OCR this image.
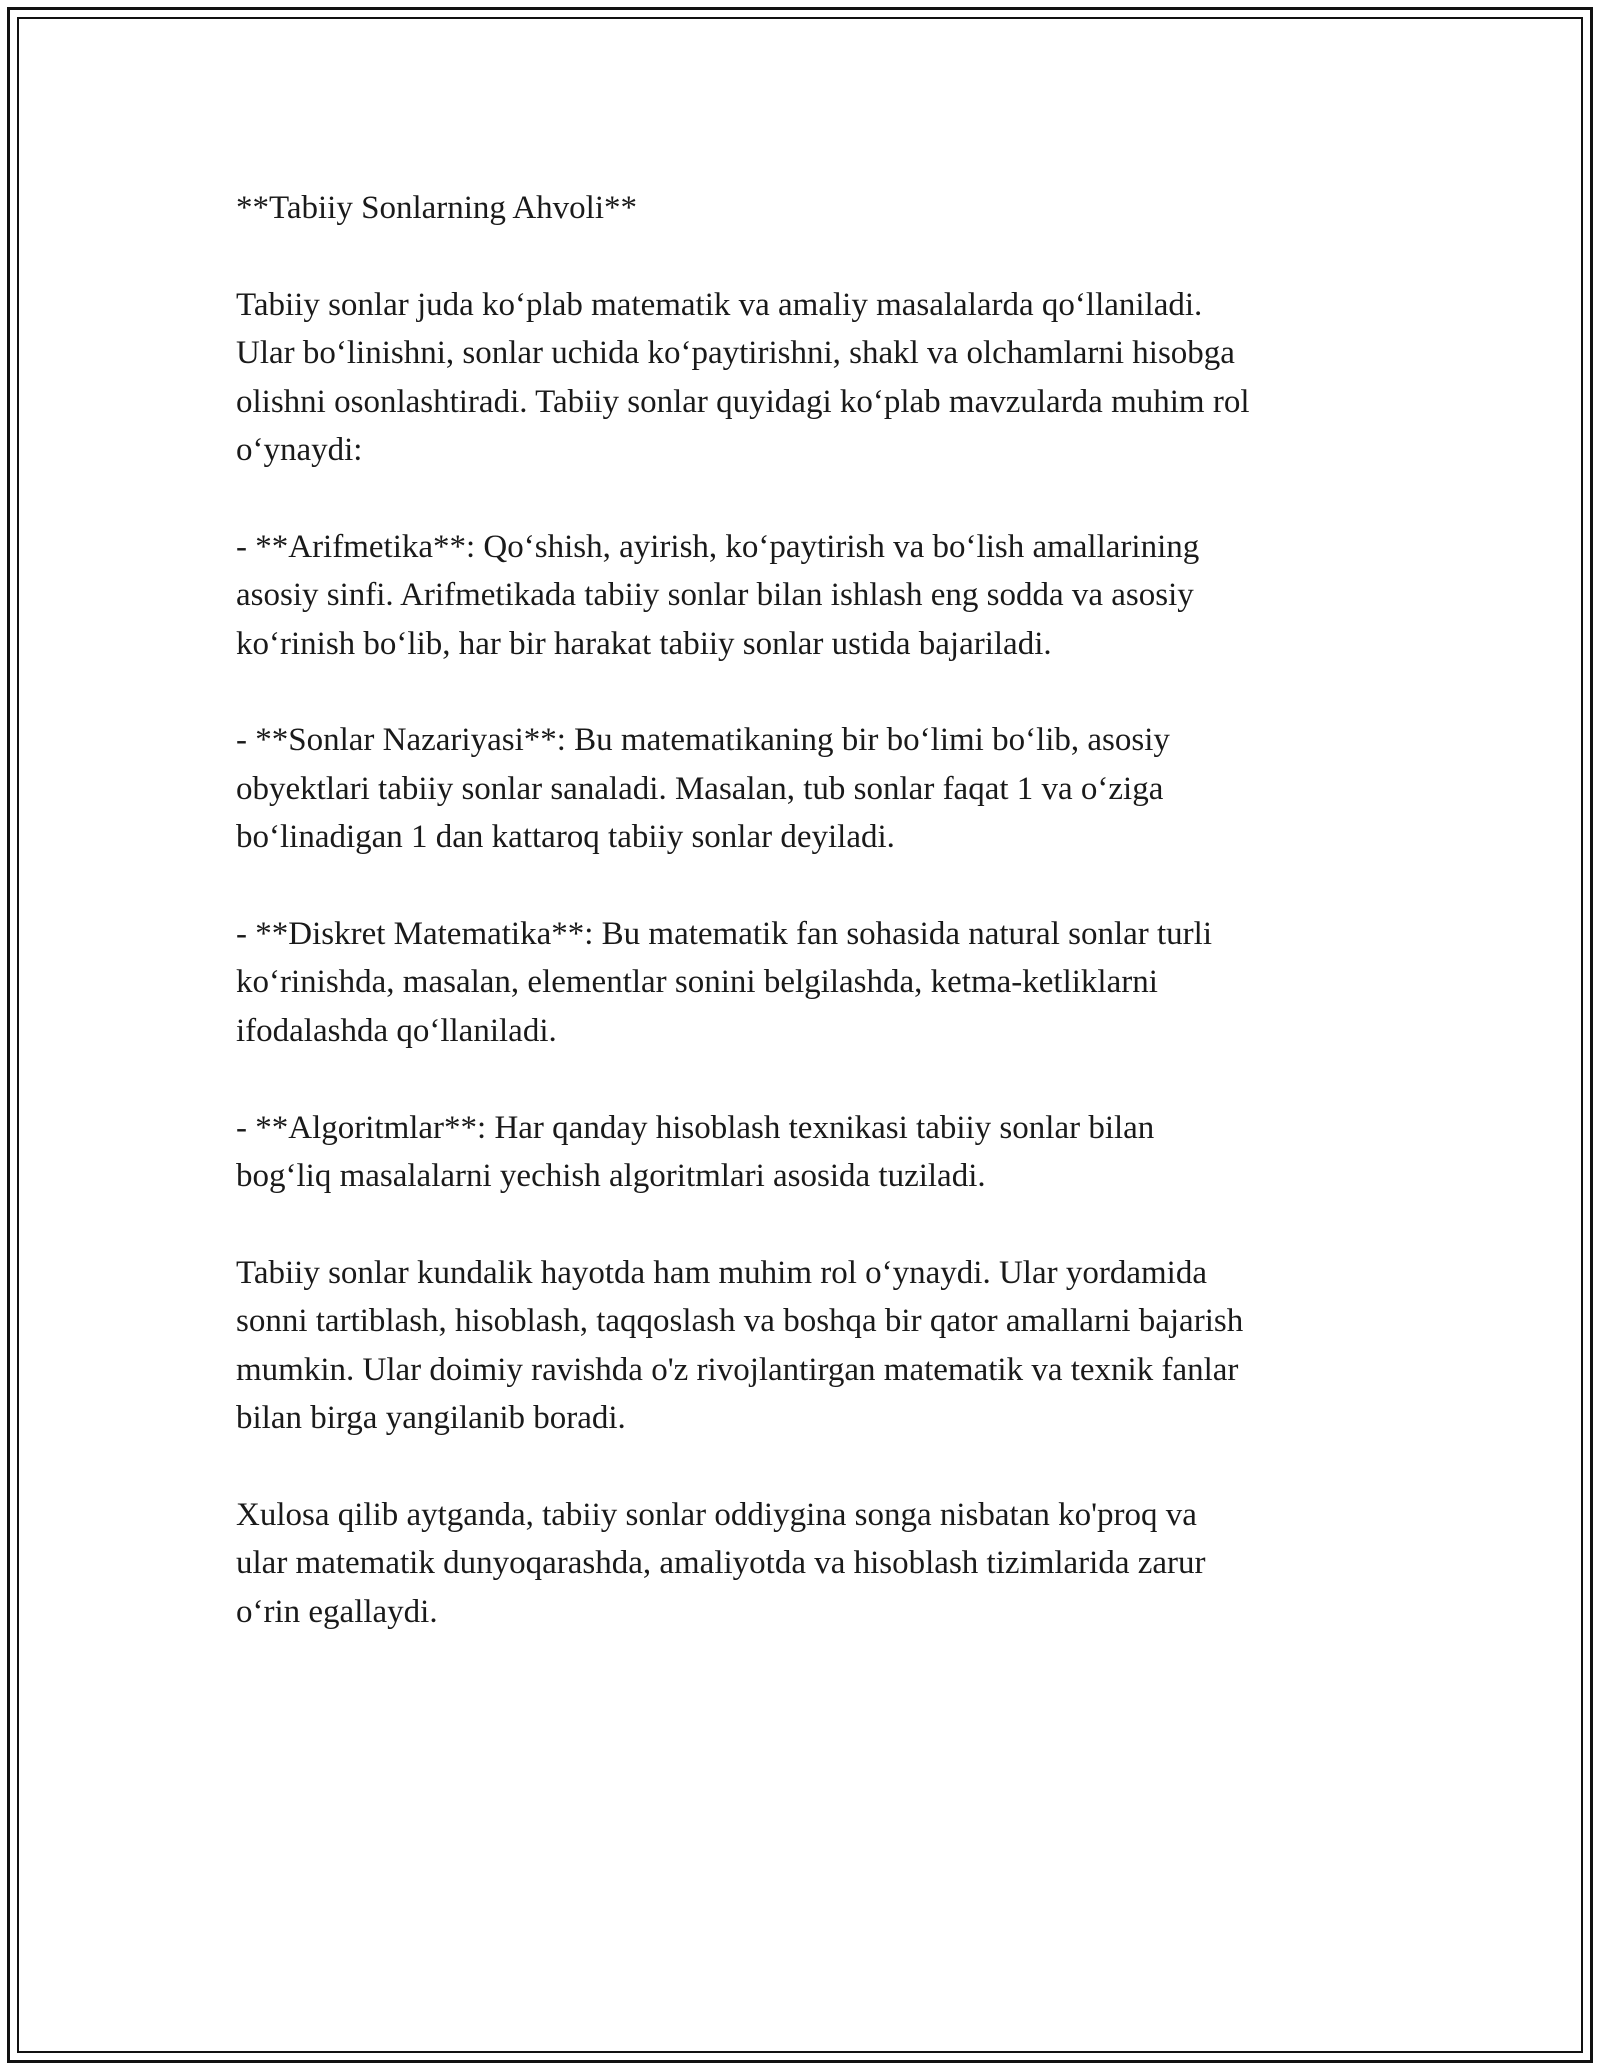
**Tabiiy Sonlarning Ahvoli**

Tabiiy sonlar juda ko‘plab matematik va amaliy masalalarda qo‘llaniladi.
Ular bo‘linishni, sonlar uchida ko‘paytirishni, shakl va olchamlarni hisobga
olishni osonlashtiradi. Tabiiy sonlar quyidagi ko‘plab mavzularda muhim rol
o‘ynaydi:

- **Arifmetika**: Qo‘shish, ayirish, ko‘paytirish va bo‘lish amallarining
asosiy sinfi. Arifmetikada tabiiy sonlar bilan ishlash eng sodda va asosiy
ko‘rinish bo‘lib, har bir harakat tabiiy sonlar ustida bajariladi.

- **Sonlar Nazariyasi**: Bu matematikaning bir bo‘limi bo‘lib, asosiy
obyektlari tabiiy sonlar sanaladi. Masalan, tub sonlar faqat 1 va o‘ziga
bo‘linadigan 1 dan kattaroq tabiiy sonlar deyiladi.

- **Diskret Matematika**: Bu matematik fan sohasida natural sonlar turli
ko‘rinishda, masalan, elementlar sonini belgilashda, ketma-ketliklarni
ifodalashda qo‘llaniladi.

- **Algoritmlar**: Har qanday hisoblash texnikasi tabiiy sonlar bilan
bog‘liq masalalarni yechish algoritmlari asosida tuziladi.

Tabiiy sonlar kundalik hayotda ham muhim rol o‘ynaydi. Ular yordamida
sonni tartiblash, hisoblash, taqqoslash va boshqa bir qator amallarni bajarish
mumkin. Ular doimiy ravishda o'z rivojlantirgan matematik va texnik fanlar
bilan birga yangilanib boradi.

Xulosa qilib aytganda, tabiiy sonlar oddiygina songa nisbatan ko'proq va
ular matematik dunyoqarashda, amaliyotda va hisoblash tizimlarida zarur
o‘rin egallaydi.
